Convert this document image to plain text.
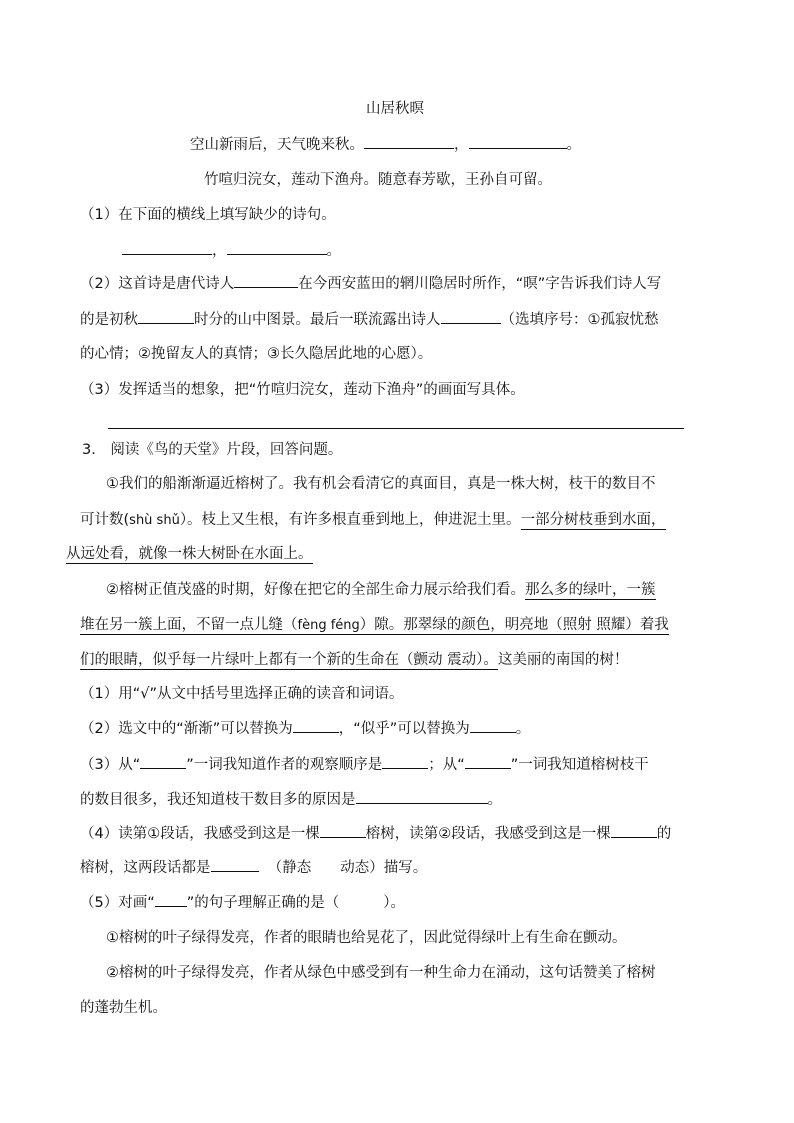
山居秋暝
空山新雨后，天气晚来秋。	，	。
竹喧归浣女，莲动下渔舟。随意春芳歇，王孙自可留。
（1）在下面的横线上填写缺少的诗句。
，	。
（2）这首诗是唐代诗人	在今西安蓝田的辋川隐居时所作，“暝”字告诉我们诗人写
的是初秋	时分的山中图景。最后一联流露出诗人	（选填序号：①孤寂忧愁
的心情；②挽留友人的真情；③长久隐居此地的心愿）。
（3）发挥适当的想象，把“竹喧归浣女，莲动下渔舟”的画面写具体。
3.　阅读《鸟的天堂》片段，回答问题。
①我们的船渐渐逼近榕树了。我有机会看清它的真面目，真是一株大树，枝干的数目不
可计数(shù shǔ）。枝上又生根，有许多根直垂到地上，伸进泥土里。一部分树枝垂到水面，
从远处看，就像一株大树卧在水面上。
②榕树正值茂盛的时期，好像在把它的全部生命力展示给我们看。那么多的绿叶，一簇
堆在另一簇上面，不留一点儿缝（fèng féng）隙。那翠绿的颜色，明亮地（照射 照耀）着我
们的眼睛，似乎每一片绿叶上都有一个新的生命在（颤动 震动）。这美丽的南国的树！
（1）用“√”从文中括号里选择正确的读音和词语。
（2）选文中的“渐渐”可以替换为	，“似乎”可以替换为	。
（3）从“	”一词我知道作者的观察顺序是	；从“	”一词我知道榕树枝干
的数目很多，我还知道枝干数目多的原因是	。
（4）读第①段话，我感受到这是一棵	榕树，读第②段话，我感受到这是一棵	的
榕树，这两段话都是	（静态　　动态）描写。
（5）对画“ ”的句子理解正确的是（	）。
①榕树的叶子绿得发亮，作者的眼睛也给晃花了，因此觉得绿叶上有生命在颤动。
②榕树的叶子绿得发亮，作者从绿色中感受到有一种生命力在涌动，这句话赞美了榕树
的蓬勃生机。
